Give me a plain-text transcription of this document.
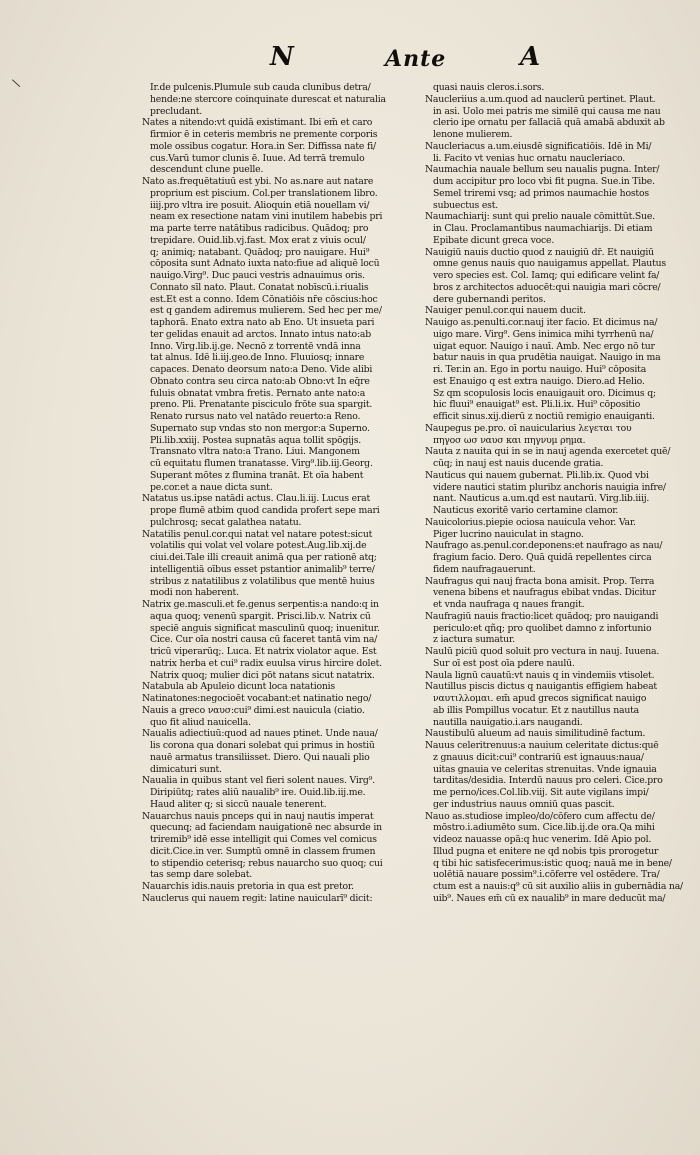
N	Ante	A
\	Ir.de pulcenis.Plumule sub cauda clunibus detra/
hende:ne stercore coinquinate durescat et naturalia
precludant.
Nates a nitendo:vt quidā existimant. Ibi em̄ et caro
firmior ē in ceteris membris ne premente corporis
mole ossibus cogatur. Hora.in Ser. Diffissa nate fi/
cus.Varū tumor clunis ē. Iuue. Ad terrā tremulo
descendunt clune puelle.
Nato as.frequētatiuū est ybi. No as.nare aut natare
proprium est piscium. Col.per translationem libro.
iiij.pro vltra ire posuit. Alioquin etiā nouellam vi/
neam ex resectione natam vini inutilem habebis pri
ma parte terre natātibus radicibus. Quādoq; pro
trepidare. Ouid.lib.vj.fast. Mox erat z viuis ocul/
q; animiq; natabant. Quādoq; pro nauigare. Hui⁹
cōposita sunt Adnato iuxta nato:fiue ad aliquē locū
nauigo.Virg⁹. Duc pauci vestris adnauimus oris.
Connato sīl nato. Plaut. Conatat nobīscū.i.riualis
est.Et est a conno. Idem Cōnatiōis nr̄e cōscius:hoc
est q gandem adiremus mulierem. Sed hec per me/
taphorā. Enato extra nato ab Eno. Ut insueta pari
ter gelidas enauit ad arctos. Innato intus nato:ab
Inno. Virg.lib.ij.ge. Necnō z torrentē vndā inna
tat alnus. Idē li.iij.geo.de Inno. Fluuiosq; innare
capaces. Denato deorsum nato:a Deno. Vide alibi
Obnato contra seu circa nato:ab Obno:vt In eq̄re
fuluis obnatat vmbra fretis. Pernato ante nato:a
preno. Pli. Prenatante pisciculo frōte sua spargit.
Renato rursus nato vel natādo reuerto:a Reno.
Supernato sup vndas sto non mergor:a Superno.
Pli.lib.xxiij. Postea supnatās aqua tollit spōgijs.
Transnato vltra nato:a Trano. Liui. Mangonem
cū equitatu flumen tranatasse. Virg⁹.lib.iij.Georg.
Superant mōtes z flumina tranāt. Et oīa habent
pe.cor.et a naue dicta sunt.
Natatus us.ipse natādi actus. Clau.li.iij. Lucus erat
prope flumē atbim quod candida profert sepe mari
pulchrosq; secat galathea natatu.
Natatilis penul.cor.qui natat vel natare potest:sicut
volatilis qui volat vel volare potest.Aug.lib.xij.de
ciui.dei.Tale illi creauit animā qua per rationē atq;
intelligentiā oībus esset pstantior animalib⁹ terre/
stribus z natatilibus z volatilibus que mentē huius
modi non haberent.
Natrix ge.masculi.et fe.genus serpentis:a nando:q in
aqua quoq; venenū spargit. Prisci.lib.v. Natrix cū
speciē anguis significat masculinū quoq; inuenitur.
Cice. Cur oīa nostri causa cū faceret tantā vim na/
tricū viperarūq;. Luca. Et natrix violator aque. Est
natrix herba et cui⁹ radix euulsa virus hircire dolet.
Natrix quoq; mulier dici pōt natans sicut natatrix.
Natabula ab Apuleio dicunt loca natationis
Natinatones:negocioēt vocabant:et natinatio nego/
Nauis a greco ναυσ:cui⁹ dimi.est nauicula (ciatio.
quo fit aliud nauicella.
Naualis adiectiuū:quod ad naues ptinet. Unde naua/
lis corona qua donari solebat qui primus in hostiū
nauē armatus transiliisset. Diero. Qui nauali plio
dimicaturi sunt.
Naualia in quibus stant vel fieri solent naues. Virg⁹.
Diripiūtq; rates aliū naualib⁹ ire. Ouid.lib.iij.me.
Haud aliter q; si siccū nauale tenerent.
Nauarchus nauis pnceps qui in nauj nautis imperat
quecunq; ad faciendam nauigationē nec absurde in
triremib⁹ idē esse intelligit qui Comes vel comicus
dicit.Cice.in ver. Sumptū omnē in classem frumen
to stipendio ceterisq; rebus nauarcho suo quoq; cui
tas semp dare solebat.
Nauarchis idis.nauis pretoria in qua est pretor.
Nauclerus qui nauem regit: latine nauicularī⁹ dicit:
quasi nauis cleros.i.sors.
Naucleriius a.um.quod ad nauclerū pertinet. Plaut.
in asi. Uolo mei patris me similē qui causa me nau
clerio ipe ornatu per fallaciā quā amabā abduxit ab
lenone mulierem.
Naucleriacus a.um.eiusdē significatiōis. Idē in Mi/
li. Facito vt venias huc ornatu naucleriaco.
Naumachia nauale bellum seu naualis pugna. Inter/
dum accipitur pro loco vbi fit pugna. Sue.in Tibe.
Semel triremi vsq; ad primos naumachie hostos
subuectus est.
Naumachiarij: sunt qui prelio nauale cōmittūt.Sue.
in Clau. Proclamantibus naumachiarijs. Di etiam
Epibate dicunt greca voce.
Nauigiū nauis ductio quod z nauigiū dr̄. Et nauigiū
omne genus nauis quo nauigamus appellat. Plautus
vero species est. Col. Iamq; qui edificare velint fa/
bros z architectos aduocēt:qui nauigia mari cōcre/
dere gubernandi peritos.
Nauiger penul.cor.qui nauem ducit.
Nauigo as.penulti.cor.nauj iter facio. Et dicimus na/
uigo mare. Virg⁹. Gens inimica mihi tyrrhenū na/
uigat equor. Nauigo i nauī. Amb. Nec ergo nō tur
batur nauis in qua prudētia nauigat. Nauigo in ma
ri. Ter.in an. Ego in portu nauigo. Hui⁹ cōposita
est Enauigo q est extra nauigo. Diero.ad Helio.
Sz qm scopulosis locis enauigauit oro. Dicimus q;
hic fluui⁹ enauigat⁹ est. Pli.li.ix. Hui⁹ cōpositio
efficit sinus.xij.dierū z noctiū remigio enauiganti.
Naupegus pe.pro. oī nauicularius λεγεται του
πηγοσ ωσ ναυσ και πηγνυμ ρημα.
Nauta z nauita qui in se in nauj agenda exercetet quē/
cūq; in nauj est nauis ducende gratia.
Nauticus qui nauem gubernat. Pli.lib.ix. Quod vbi
videre nautici statim pluribz anchoris nauigia infre/
nant. Nauticus a.um.qd est nautarū. Virg.lib.iiij.
Nauticus exoritē vario certamine clamor.
Nauicolorius.piepie ociosa nauicula vehor. Var.
Piger lucrino nauiculat in stagno.
Naufrago as.penul.cor.deponens:et naufrago as nau/
fragium facio. Dero. Quā quidā repellentes circa
fidem naufragauerunt.
Naufragus qui nauj fracta bona amisit. Prop. Terra
venena bibens et naufragus ebibat vndas. Dicitur
et vnda naufraga q naues frangit.
Naufragiū nauis fractio:licet quādoq; pro nauigandi
periculo:et qñq; pro quolibet damno z infortunio
z iactura sumatur.
Naulū piciū quod soluit pro vectura in nauj. Iuuena.
Sur oī est post oīa pdere naulū.
Naula lignū cauatū:vt nauis q in vindemiis vtisolet.
Nautillus piscis dictus q nauigantis effigiem habeat
ναυτιλλομαι. em̄ apud grecos significat nauigo
ab illis Pompillus vocatur. Et z nautillus nauta
nautilla nauigatio.i.ars naugandi.
Naustibulū alueum ad nauis similitudinē factum.
Nauus celeritrenuus:a nauium celeritate dictus:quē
z gnauus dicit:cui⁹ contrariū est ignauus:naua/
uitas gnauia ve celeritas strenuitas. Vnde ignauia
tarditas/desidia. Interdū nauus pro celeri. Cice.pro
me perno/ices.Col.lib.viij. Sit aute vigilans impi/
ger industrius nauus omniū quas pascit.
Nauo as.studiose impleo/do/cōfero cum affectu de/
mōstro.i.adiumēto sum. Cice.lib.ij.de ora.Qa mihi
videoz nauasse opā:q huc venerim. Idē Apio pol.
Illud pugna et enitere ne qd nobis tpis prorogetur
q tibi hic satisfecerimus:istic quoq; nauā me in bene/
uolētiā nauare possim⁹.i.cōferre vel ostēdere. Tra/
ctum est a nauis:q⁹ cū sit auxilio aliis in gubernādia na/
uib⁹. Naues em̄ cū ex naualib⁹ in mare deducūt ma/
